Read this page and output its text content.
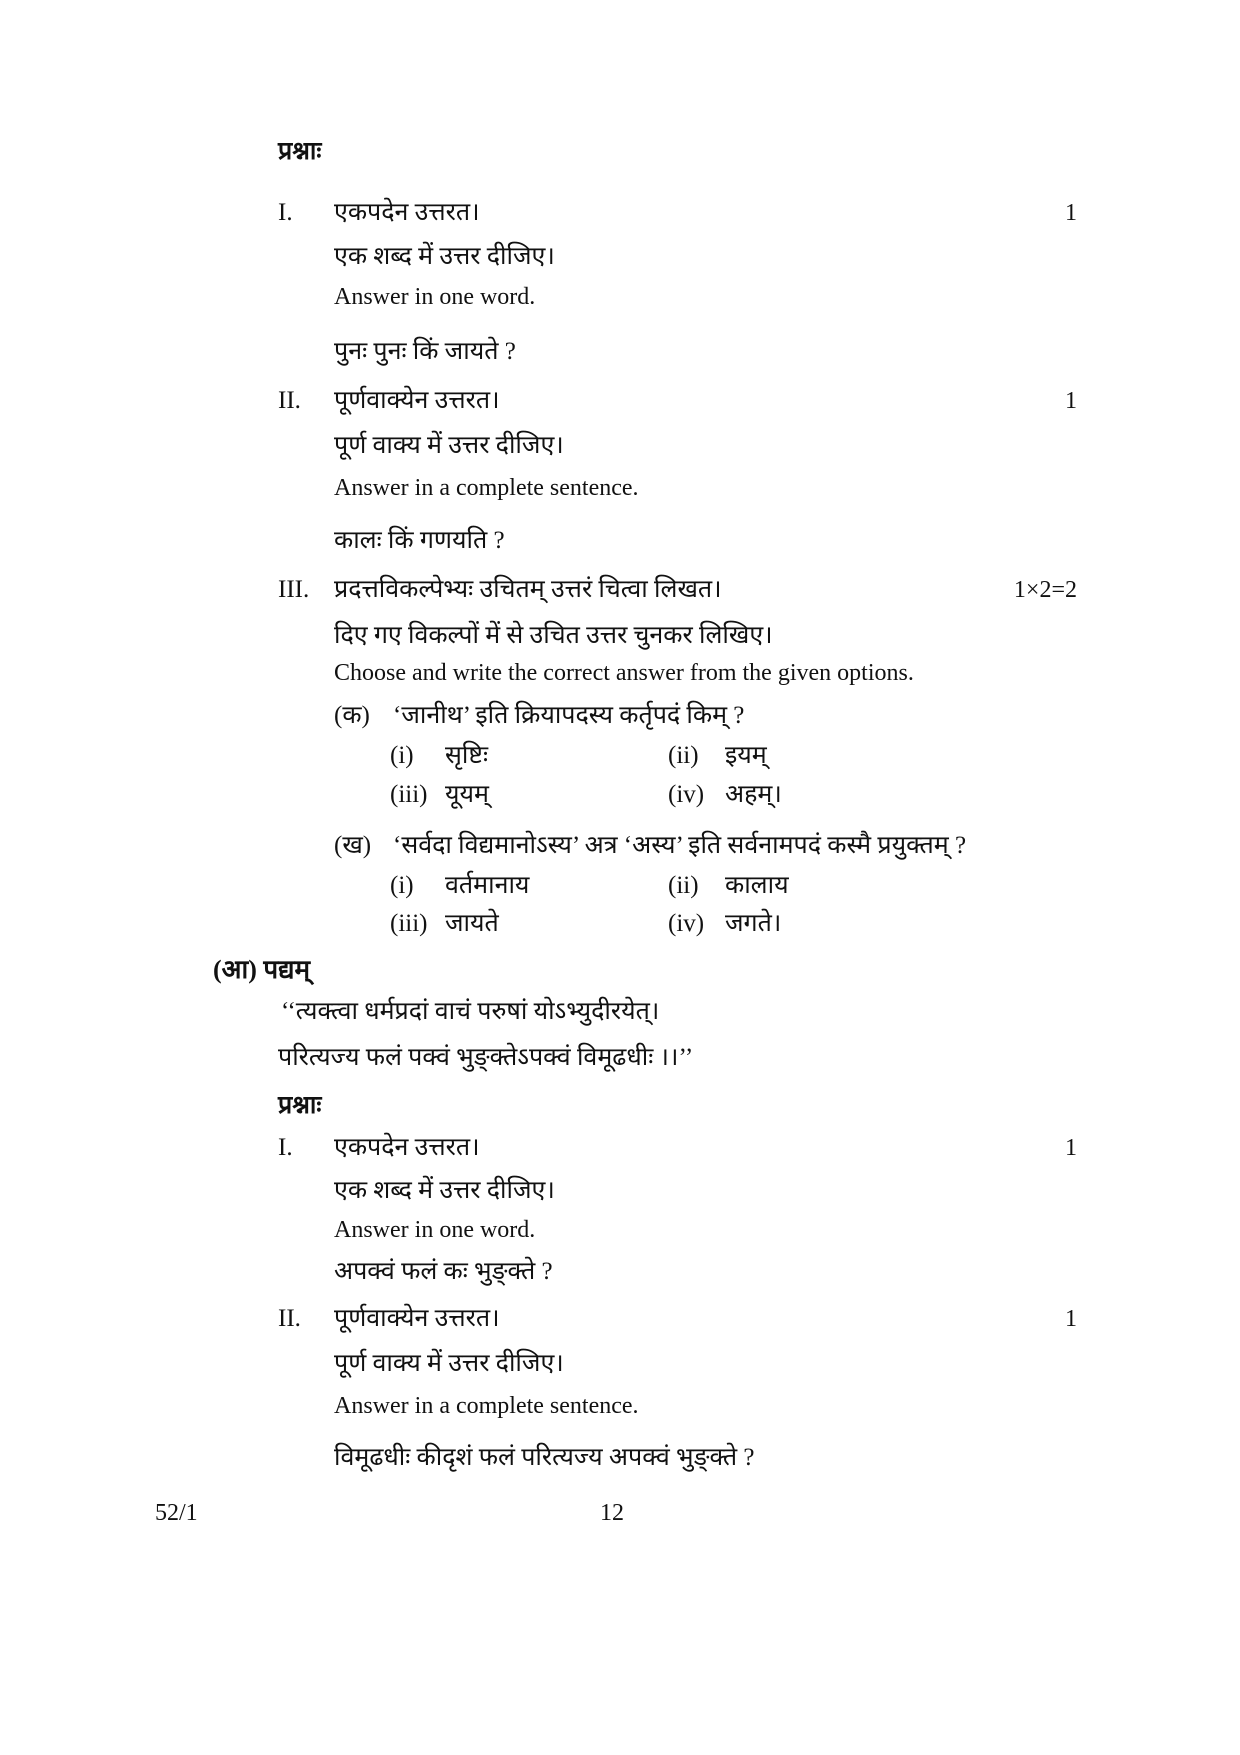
प्रश्नाः
I. एकपदेन उत्तरत।	1
एक शब्द में उत्तर दीजिए।
Answer in one word.
पुनः पुनः किं जायते ?
II. पूर्णवाक्येन उत्तरत।	1
पूर्ण वाक्य में उत्तर दीजिए।
Answer in a complete sentence.
कालः किं गणयति ?
III. प्रदत्तविकल्पेभ्यः उचितम् उत्तरं चित्वा लिखत।	1×2=2
दिए गए विकल्पों में से उचित उत्तर चुनकर लिखिए।
Choose and write the correct answer from the given options.
(क) ‘जानीथ’ इति क्रियापदस्य कर्तृपदं किम् ?
(i) सृष्टिः	(ii) इयम्
(iii) यूयम्	(iv) अहम्।
(ख) ‘सर्वदा विद्यमानोऽस्य’ अत्र ‘अस्य’ इति सर्वनामपदं कस्मै प्रयुक्तम् ?
(i) वर्तमानाय	(ii) कालाय
(iii) जायते	(iv) जगते।
(आ) पद्यम्
‘‘त्यक्त्वा धर्मप्रदां वाचं परुषां योऽभ्युदीरयेत्।
परित्यज्य फलं पक्वं भुङ्क्तेऽपक्वं विमूढधीः ।।’’
प्रश्नाः
I. एकपदेन उत्तरत।	1
एक शब्द में उत्तर दीजिए।
Answer in one word.
अपक्वं फलं कः भुङ्क्ते ?
II. पूर्णवाक्येन उत्तरत।	1
पूर्ण वाक्य में उत्तर दीजिए।
Answer in a complete sentence.
विमूढधीः कीदृशं फलं परित्यज्य अपक्वं भुङ्क्ते ?
52/1	12
